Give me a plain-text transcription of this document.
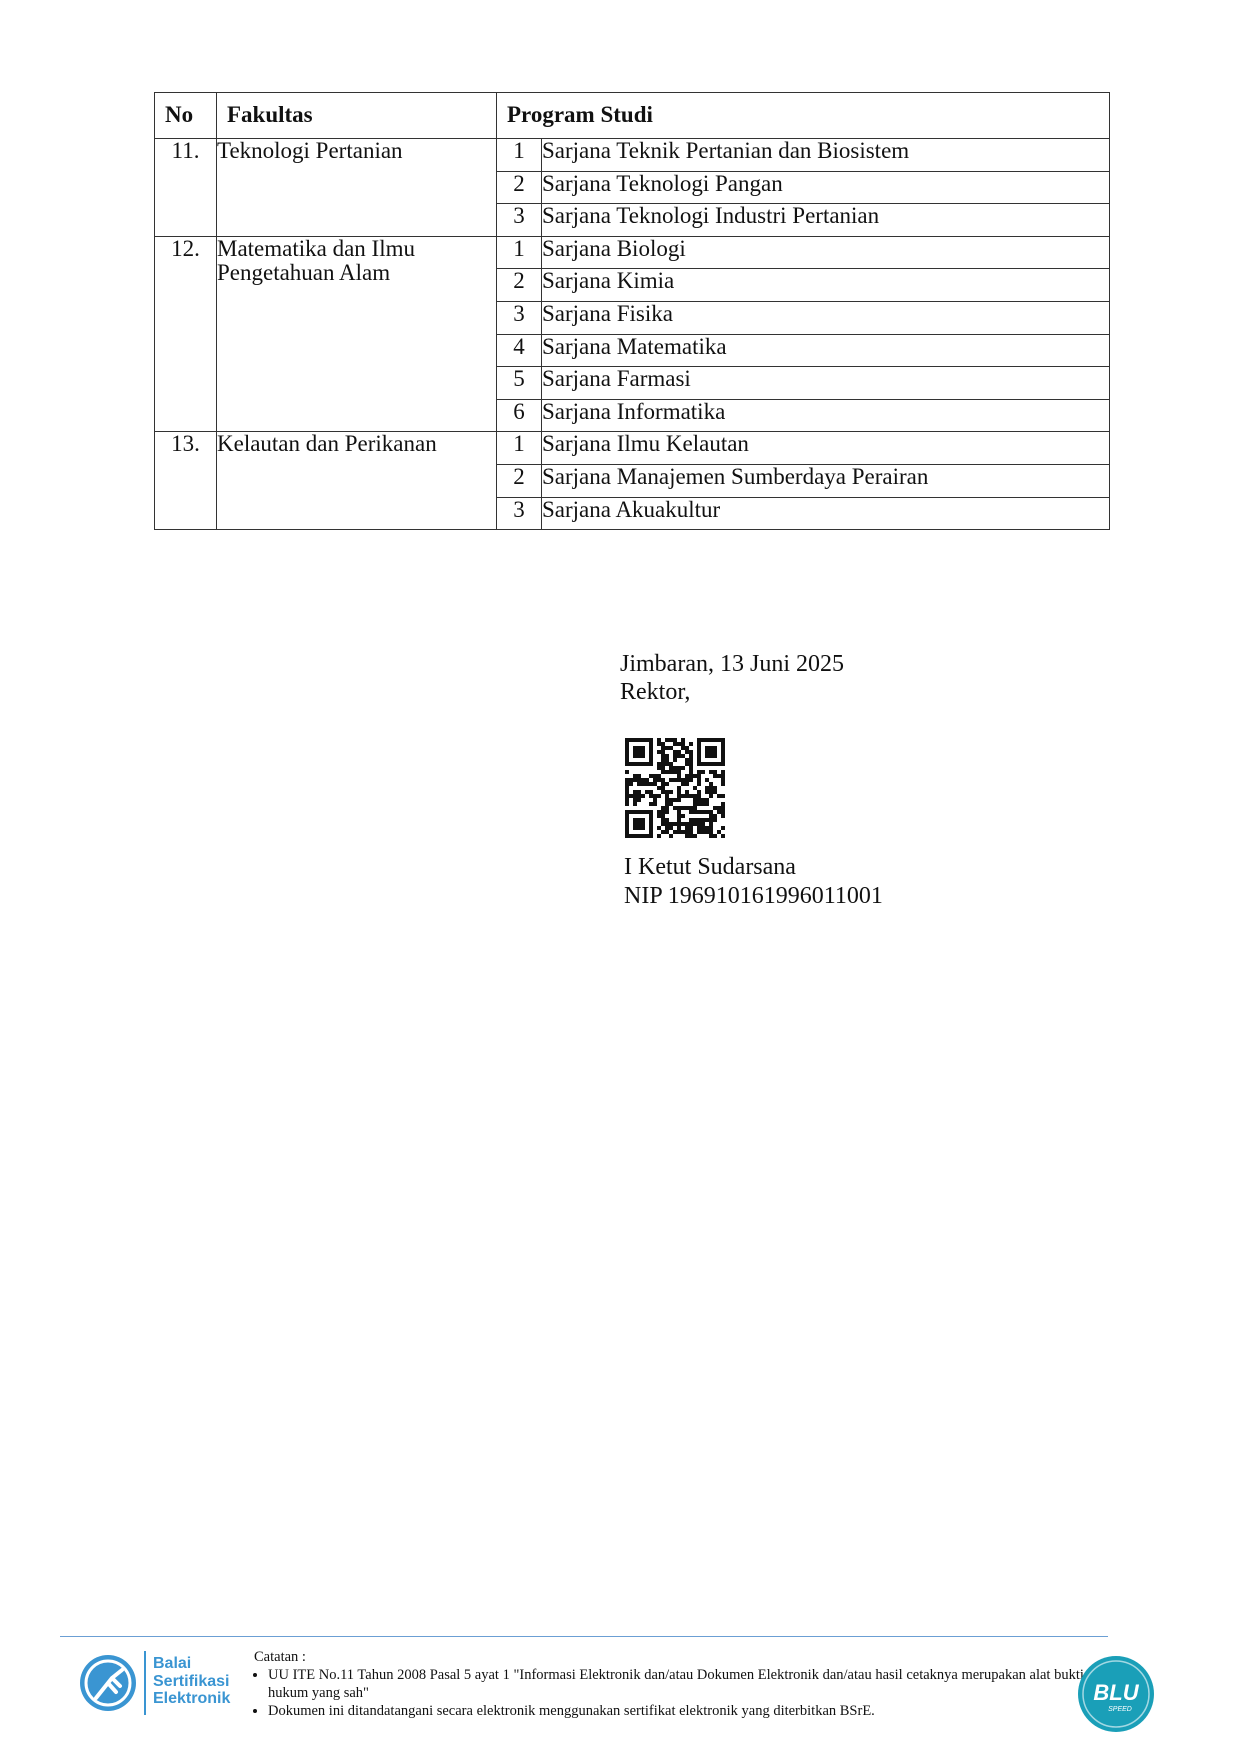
No	Fakultas	Program Studi	
11.	Teknologi Pertanian	1	Sarjana Teknik Pertanian dan Biosistem
		2	Sarjana Teknologi Pangan
		3	Sarjana Teknologi Industri Pertanian
12.	Matematika dan Ilmu Pengetahuan Alam	1	Sarjana Biologi
		2	Sarjana Kimia
		3	Sarjana Fisika
		4	Sarjana Matematika
		5	Sarjana Farmasi
		6	Sarjana Informatika
13.	Kelautan dan Perikanan	1	Sarjana Ilmu Kelautan
		2	Sarjana Manajemen Sumberdaya Perairan
		3	Sarjana Akuakultur
Jimbaran, 13 Juni 2025
Rektor,
I Ketut Sudarsana
NIP 196910161996011001
Balai
Sertifikasi
Elektronik
Catatan :
• UU ITE No.11 Tahun 2008 Pasal 5 ayat 1 "Informasi Elektronik dan/atau Dokumen Elektronik dan/atau hasil cetaknya merupakan alat bukti hukum yang sah"
• Dokumen ini ditandatangani secara elektronik menggunakan sertifikat elektronik yang diterbitkan BSrE.
BLU
SPEED
